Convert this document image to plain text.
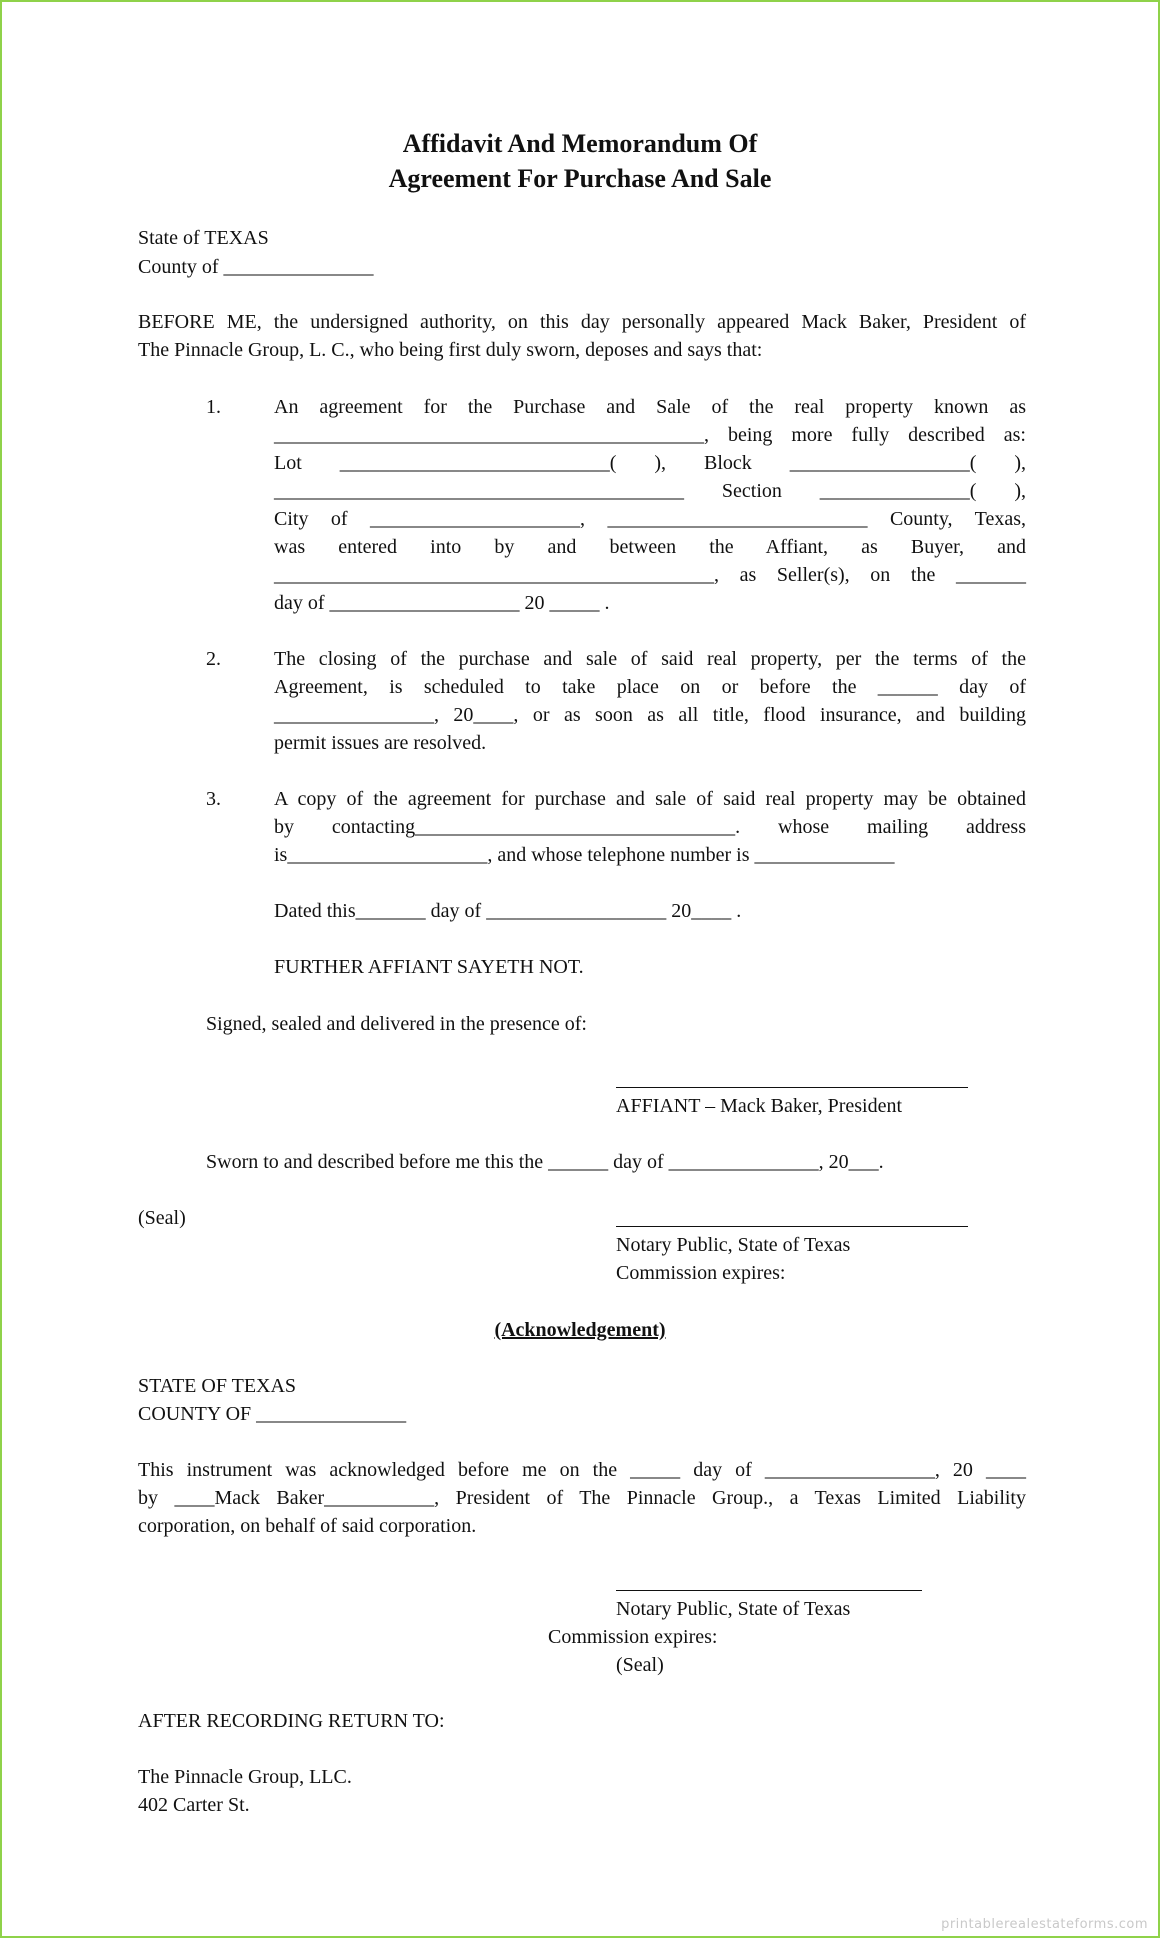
Affidavit And Memorandum Of
Agreement For Purchase And Sale
State of TEXAS
County of _______________
BEFORE ME, the undersigned authority, on this day personally appeared Mack Baker, President of
The Pinnacle Group, L. C., who being first duly sworn, deposes and says that:
1.	An agreement for the Purchase and Sale of the real property known as
___________________________________________, being more fully described as:
Lot ___________________________( ), Block __________________( ),
_________________________________________ Section _______________( ),
City of _____________________, __________________________ County, Texas,
was entered into by and between the Affiant, as Buyer, and
____________________________________________, as Seller(s), on the _______
day of ___________________ 20 _____ .
2.	The closing of the purchase and sale of said real property, per the terms of the
Agreement, is scheduled to take place on or before the ______ day of
________________, 20____, or as soon as all title, flood insurance, and building
permit issues are resolved.
3.	A copy of the agreement for purchase and sale of said real property may be obtained
by contacting________________________________. whose mailing address
is____________________, and whose telephone number is ______________
Dated this_______ day of __________________ 20____ .
FURTHER AFFIANT SAYETH NOT.
Signed, sealed and delivered in the presence of:
AFFIANT – Mack Baker, President
Sworn to and described before me this the ______ day of _______________, 20___.
(Seal)
Notary Public, State of Texas
Commission expires:
(Acknowledgement)
STATE OF TEXAS
COUNTY OF _______________
This instrument was acknowledged before me on the _____ day of _________________, 20 ____
by ____Mack Baker___________, President of The Pinnacle Group., a Texas Limited Liability
corporation, on behalf of said corporation.
Notary Public, State of Texas
Commission expires:
(Seal)
AFTER RECORDING RETURN TO:
The Pinnacle Group, LLC.
402 Carter St.
printablerealestateforms.com
